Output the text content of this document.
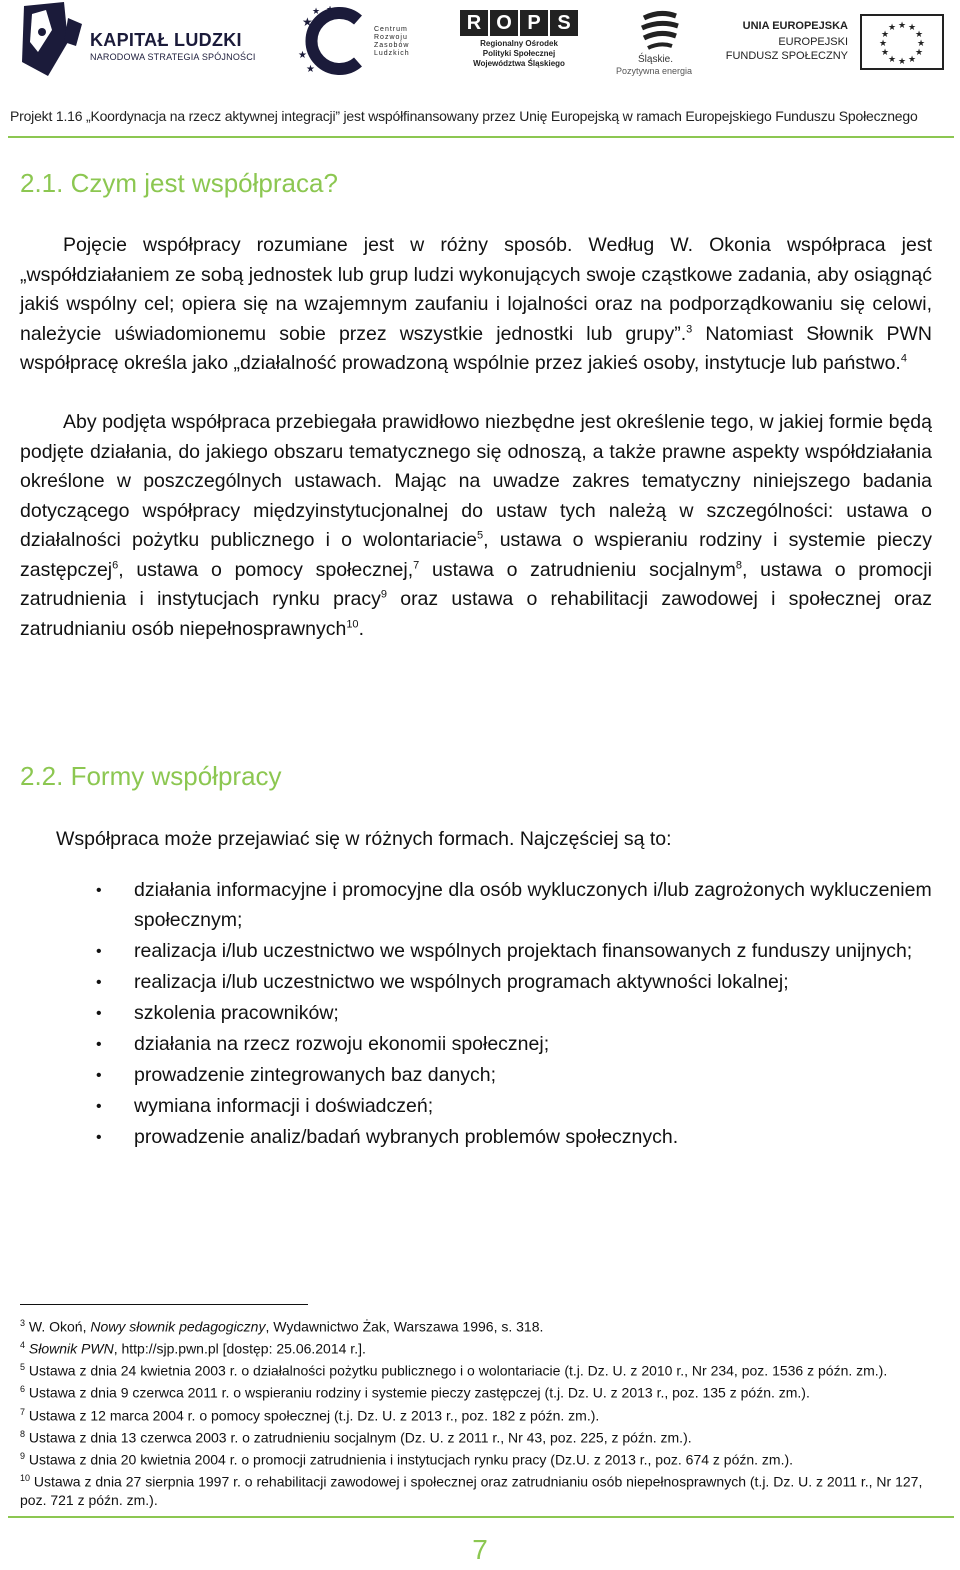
KAPITAŁ LUDZKI
NARODOWA STRATEGIA SPÓJNOŚCI
★
★ ★
★
★
Centrum
Rozwoju
Zasobów
Ludzkich
R O P S
Regionalny Ośrodek
Polityki Społecznej
Województwa Śląskiego	Śląskie.
Pozytywna energia
UNIA EUROPEJSKA
EUROPEJSKI
FUNDUSZ SPOŁECZNY
★ ★
★
★
★
★
★
★
★
★
★
★
Projekt 1.16 „Koordynacja na rzecz aktywnej integracji” jest współfinansowany przez Unię Europejską w ramach Europejskiego Funduszu Społecznego
2.1. Czym jest współpraca?
Pojęcie współpracy rozumiane jest w różny sposób. Według W. Okonia współpraca jest „współdziałaniem ze sobą jednostek lub grup ludzi wykonujących swoje cząstkowe zadania, aby osiągnąć jakiś wspólny cel; opiera się na wzajemnym zaufaniu i lojalności oraz na podporządkowaniu się celowi, należycie uświadomionemu sobie przez wszystkie jednostki lub grupy”.$^3$ Natomiast Słownik PWN współpracę określa jako „działalność prowadzoną wspólnie przez jakieś osoby, instytucje lub państwo.$^4$
Aby podjęta współpraca przebiegała prawidłowo niezbędne jest określenie tego, w jakiej formie będą podjęte działania, do jakiego obszaru tematycznego się odnoszą, a także prawne aspekty współdziałania określone w poszczególnych ustawach. Mając na uwadze zakres tematyczny niniejszego badania dotyczącego współpracy międzyinstytucjonalnej do ustaw tych należą w szczególności: ustawa o działalności pożytku publicznego i o wolontariacie$^5$, ustawa o wspieraniu rodziny i systemie pieczy zastępczej$^6$, ustawa o pomocy społecznej,$^7$ ustawa o zatrudnieniu socjalnym$^8$, ustawa o promocji zatrudnienia i instytucjach rynku pracy$^9$ oraz ustawa o rehabilitacji zawodowej i społecznej oraz zatrudnianiu osób niepełnosprawnych$^{10}$.
2.2. Formy współpracy
Współpraca może przejawiać się w różnych formach. Najczęściej są to:
• działania informacyjne i promocyjne dla osób wykluczonych i/lub zagrożonych wykluczeniem społecznym;
• realizacja i/lub uczestnictwo we wspólnych projektach finansowanych z funduszy unijnych;
• realizacja i/lub uczestnictwo we wspólnych programach aktywności lokalnej;
• szkolenia pracowników;
• działania na rzecz rozwoju ekonomii społecznej;
• prowadzenie zintegrowanych baz danych;
• wymiana informacji i doświadczeń;
• prowadzenie analiz/badań wybranych problemów społecznych.
$^3$ W. Okoń, Nowy słownik pedagogiczny, Wydawnictwo Żak, Warszawa 1996, s. 318.
$^4$ Słownik PWN, http://sjp.pwn.pl [dostęp: 25.06.2014 r.].
$^5$ Ustawa z dnia 24 kwietnia 2003 r. o działalności pożytku publicznego i o wolontariacie (t.j. Dz. U. z 2010 r., Nr 234, poz. 1536 z późn. zm.).
$^6$ Ustawa z dnia 9 czerwca 2011 r. o wspieraniu rodziny i systemie pieczy zastępczej (t.j. Dz. U. z 2013 r., poz. 135 z późn. zm.).
$^7$ Ustawa z 12 marca 2004 r. o pomocy społecznej (t.j. Dz. U. z 2013 r., poz. 182 z późn. zm.).
$^8$ Ustawa z dnia 13 czerwca 2003 r. o zatrudnieniu socjalnym (Dz. U. z 2011 r., Nr 43, poz. 225, z późn. zm.).
$^9$ Ustawa z dnia 20 kwietnia 2004 r. o promocji zatrudnienia i instytucjach rynku pracy (Dz.U. z 2013 r., poz. 674 z późn. zm.).
$^{10}$ Ustawa z dnia 27 sierpnia 1997 r. o rehabilitacji zawodowej i społecznej oraz zatrudnianiu osób niepełnosprawnych (t.j. Dz. U. z 2011 r., Nr 127, poz. 721 z późn. zm.).
7
